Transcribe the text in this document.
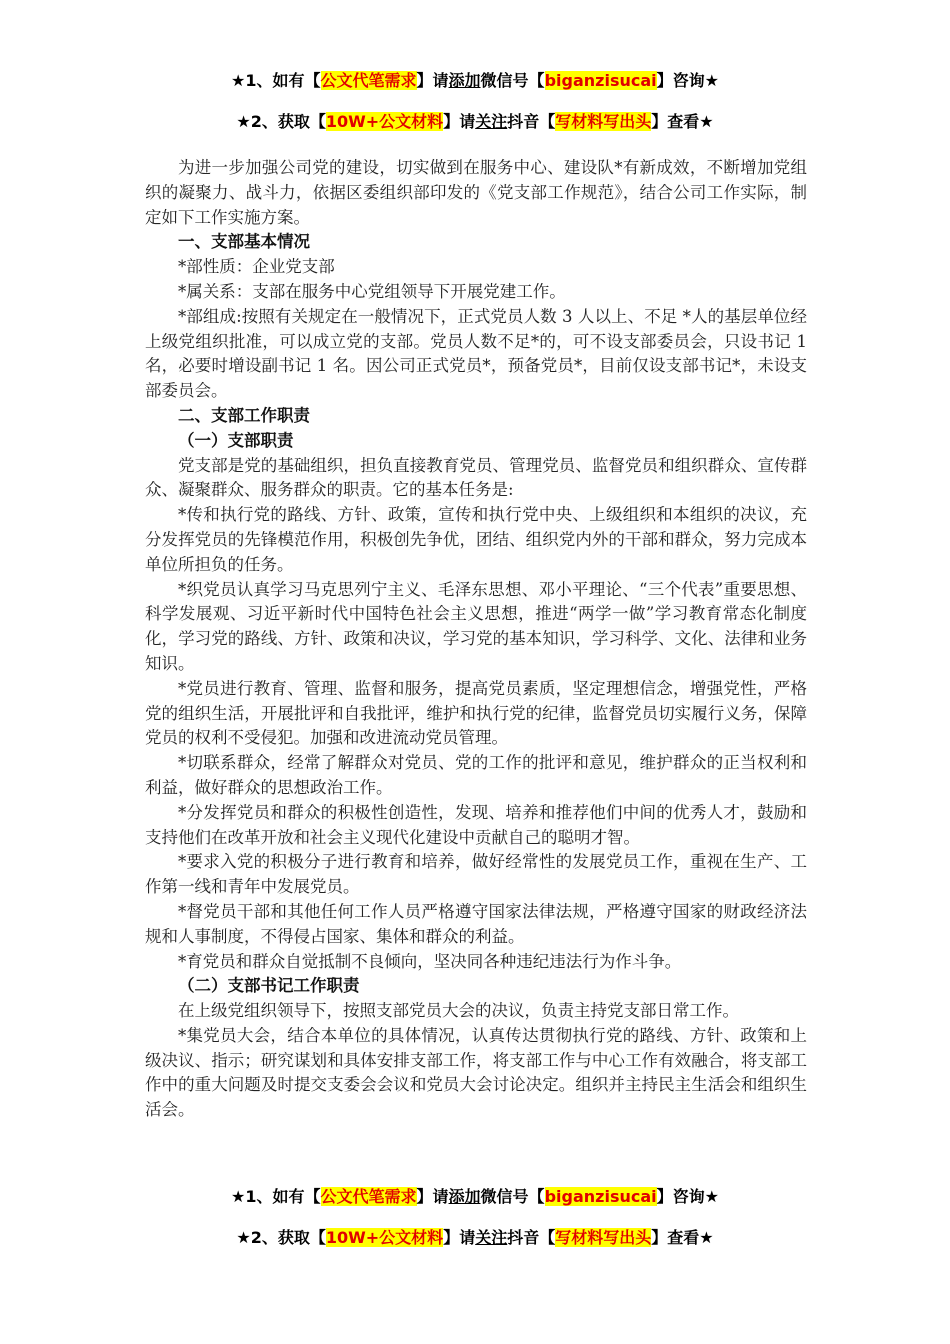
★1、如有【公文代笔需求】请添加微信号【biganzisucai】咨询★
★2、获取【10W+公文材料】请关注抖音【写材料写出头】查看★

为进一步加强公司党的建设，切实做到在服务中心、建设队*有新成效，不断增加党组织的凝聚力、战斗力，依据区委组织部印发的《党支部工作规范》，结合公司工作实际，制定如下工作实施方案。

一、支部基本情况

*部性质：企业党支部

*属关系：支部在服务中心党组领导下开展党建工作。

*部组成:按照有关规定在一般情况下，正式党员人数 3 人以上、不足 *人的基层单位经上级党组织批准，可以成立党的支部。党员人数不足*的，可不设支部委员会，只设书记 1 名，必要时增设副书记 1 名。因公司正式党员*，预备党员*，目前仅设支部书记*，未设支部委员会。

二、支部工作职责

（一）支部职责

党支部是党的基础组织，担负直接教育党员、管理党员、监督党员和组织群众、宣传群众、凝聚群众、服务群众的职责。它的基本任务是:

*传和执行党的路线、方针、政策，宣传和执行党中央、上级组织和本组织的决议，充分发挥党员的先锋模范作用，积极创先争优，团结、组织党内外的干部和群众，努力完成本单位所担负的任务。

*织党员认真学习马克思列宁主义、毛泽东思想、邓小平理论、“三个代表”重要思想、科学发展观、习近平新时代中国特色社会主义思想，推进“两学一做”学习教育常态化制度化，学习党的路线、方针、政策和决议，学习党的基本知识，学习科学、文化、法律和业务知识。

*党员进行教育、管理、监督和服务，提高党员素质，坚定理想信念，增强党性，严格党的组织生活，开展批评和自我批评，维护和执行党的纪律，监督党员切实履行义务，保障党员的权利不受侵犯。加强和改进流动党员管理。

*切联系群众，经常了解群众对党员、党的工作的批评和意见，维护群众的正当权利和利益，做好群众的思想政治工作。

*分发挥党员和群众的积极性创造性，发现、培养和推荐他们中间的优秀人才，鼓励和支持他们在改革开放和社会主义现代化建设中贡献自己的聪明才智。

*要求入党的积极分子进行教育和培养，做好经常性的发展党员工作，重视在生产、工作第一线和青年中发展党员。

*督党员干部和其他任何工作人员严格遵守国家法律法规，严格遵守国家的财政经济法规和人事制度，不得侵占国家、集体和群众的利益。

*育党员和群众自觉抵制不良倾向，坚决同各种违纪违法行为作斗争。

（二）支部书记工作职责

在上级党组织领导下，按照支部党员大会的决议，负责主持党支部日常工作。

*集党员大会，结合本单位的具体情况，认真传达贯彻执行党的路线、方针、政策和上级决议、指示；研究谋划和具体安排支部工作，将支部工作与中心工作有效融合，将支部工作中的重大问题及时提交支委会会议和党员大会讨论决定。组织并主持民主生活会和组织生活会。

★1、如有【公文代笔需求】请添加微信号【biganzisucai】咨询★
★2、获取【10W+公文材料】请关注抖音【写材料写出头】查看★
